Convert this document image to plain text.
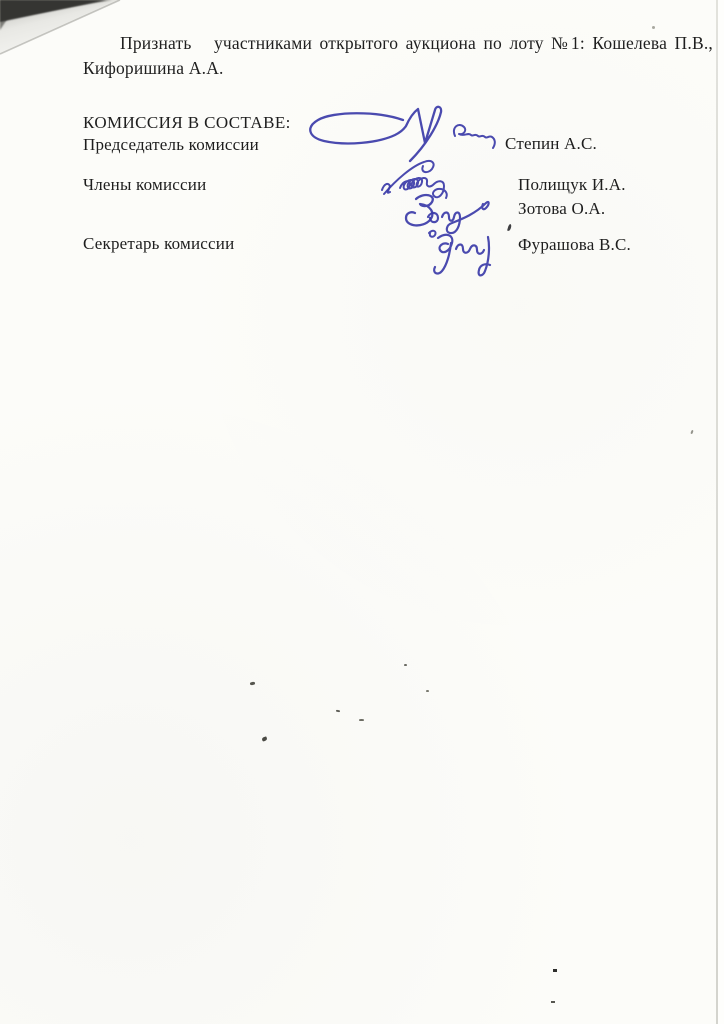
Признать   участниками открытого аукциона по лоту №1: Кошелева П.В.,
Кифоришина А.А.
КОМИССИЯ В СОСТАВЕ:
Председатель комиссии
Члены комиссии
Секретарь комиссии
Степин А.С.
Полищук И.А.
Зотова О.А.
Фурашова В.С.
